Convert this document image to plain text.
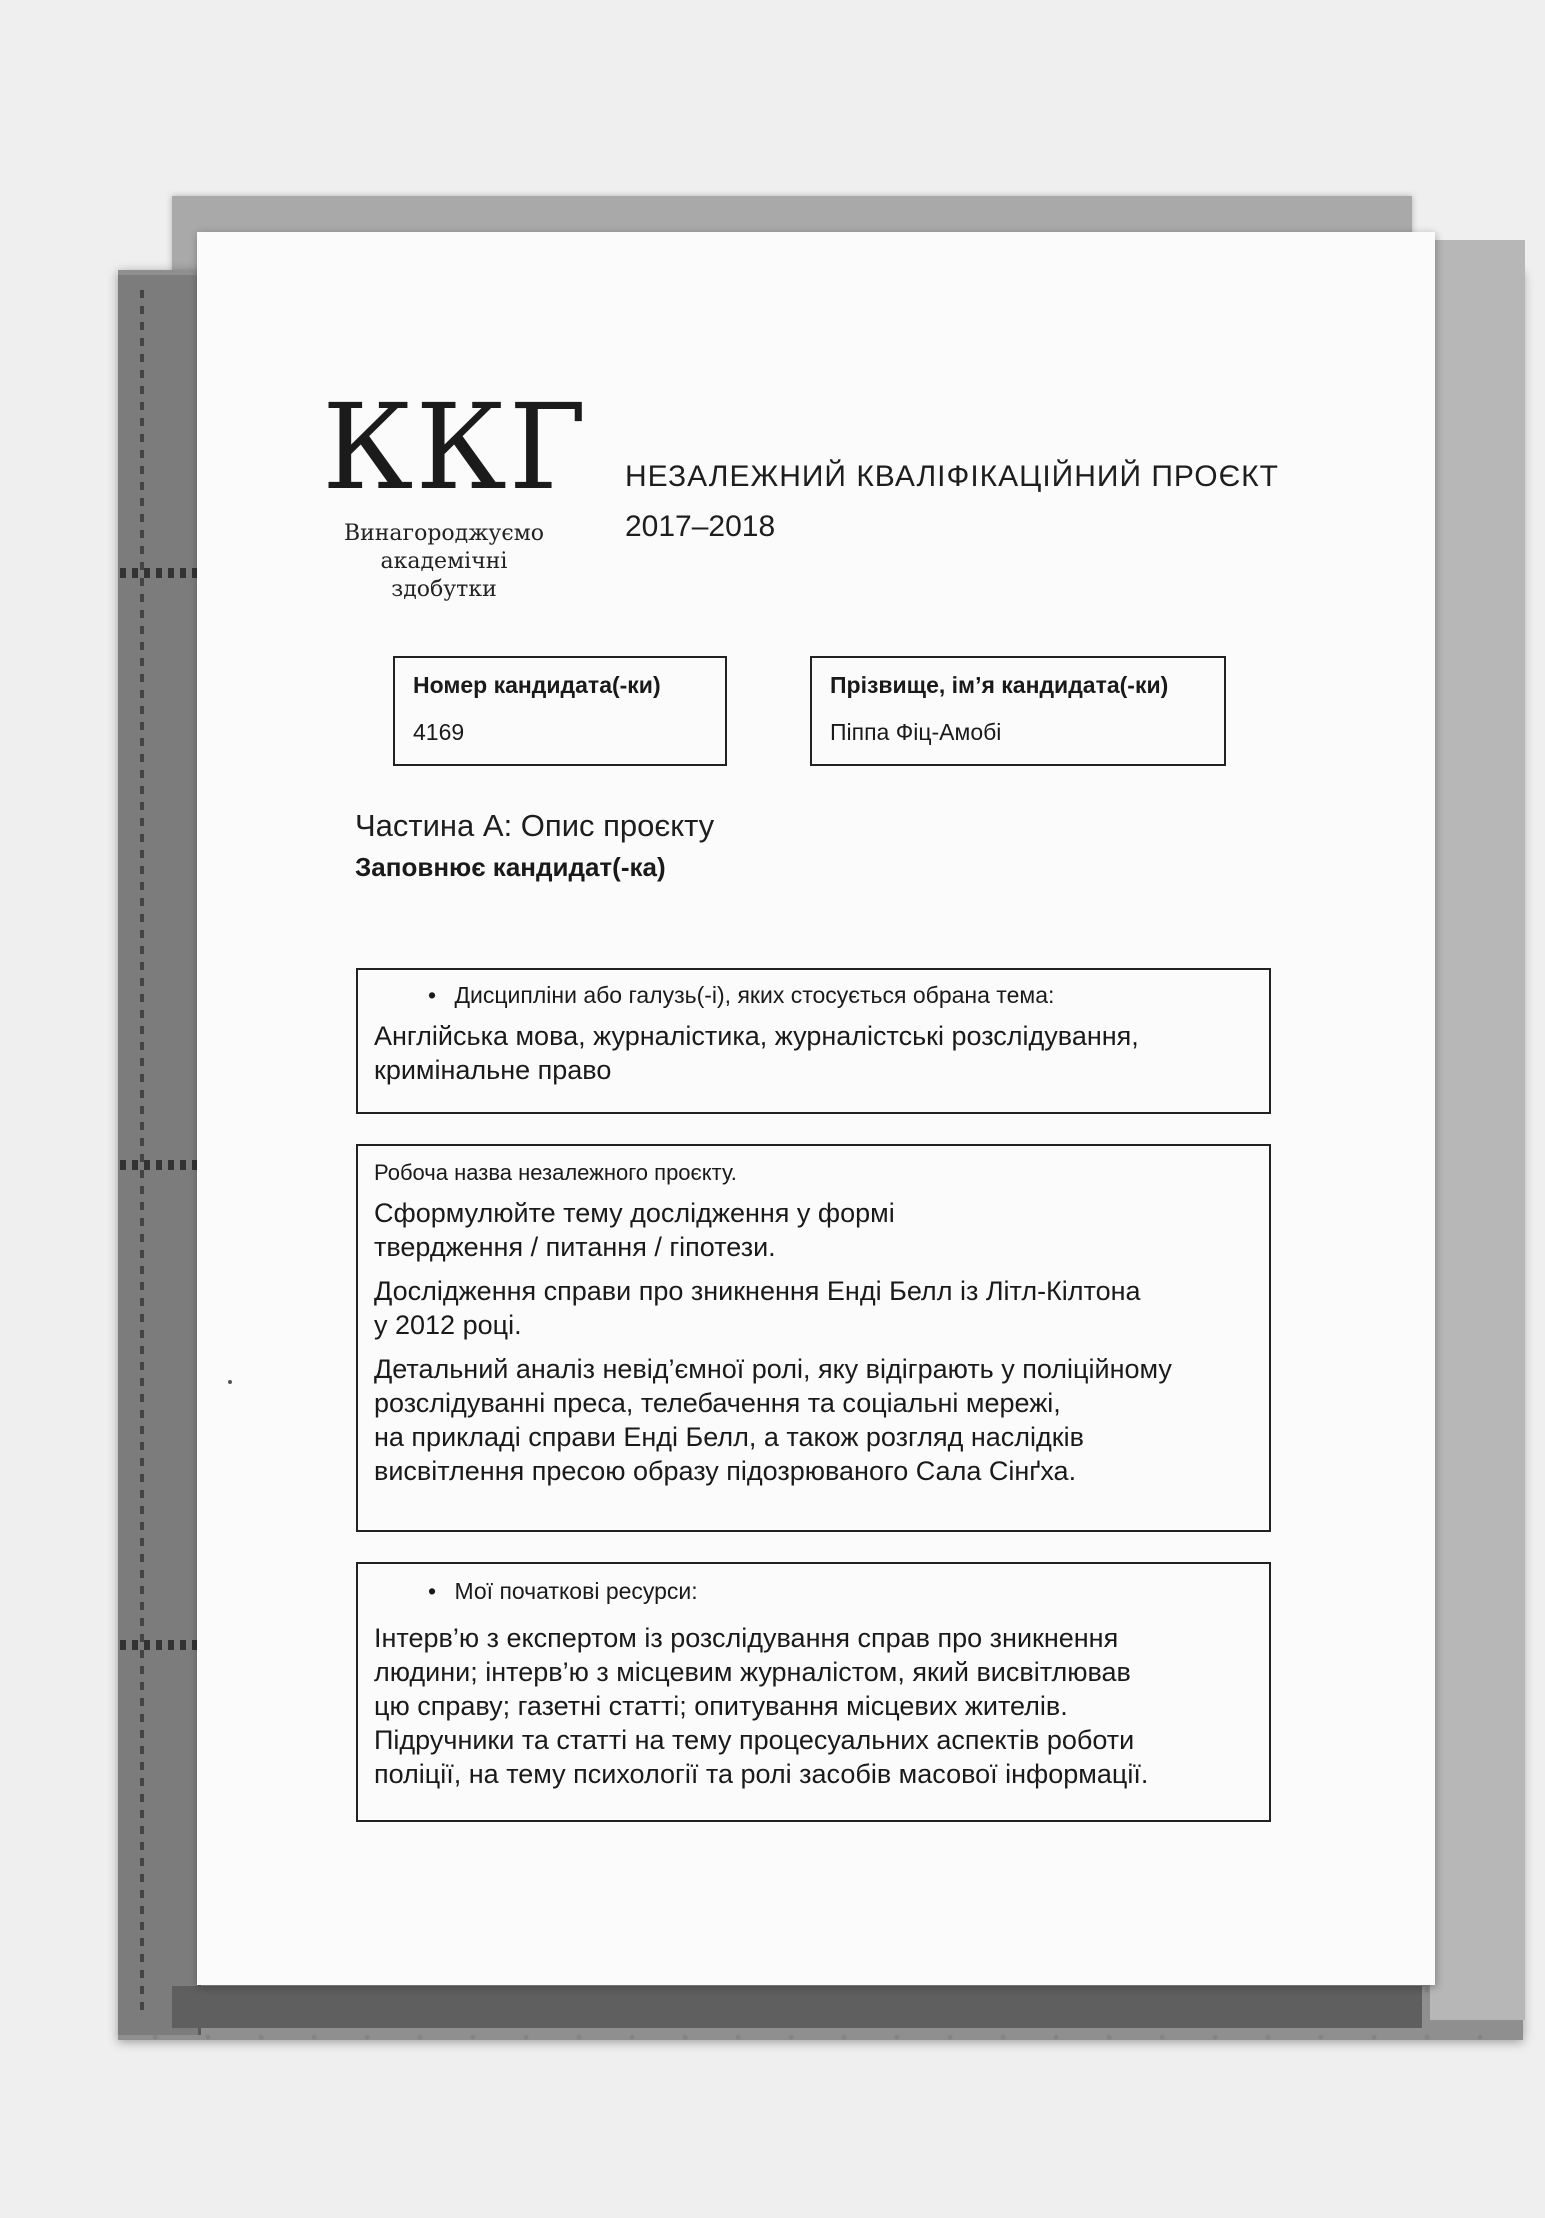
ККГ
Винагороджуємо
академічні
здобутки
НЕЗАЛЕЖНИЙ КВАЛІФІКАЦІЙНИЙ ПРОЄКТ
2017–2018
Номер кандидата(-ки)
4169
Прізвище, ім’я кандидата(-ки)
Піппа Фіц-Амобі
Частина А: Опис проєкту
Заповнює кандидат(-ка)
• Дисципліни або галузь(-і), яких стосується обрана тема:
Англійська мова, журналістика, журналістські розслідування,
кримінальне право
Робоча назва незалежного проєкту.
Сформулюйте тему дослідження у формі
твердження / питання / гіпотези.
Дослідження справи про зникнення Енді Белл із Літл-Кілтона
у 2012 році.
Детальний аналіз невід’ємної ролі, яку відіграють у поліційному
розслідуванні преса, телебачення та соціальні мережі,
на прикладі справи Енді Белл, а також розгляд наслідків
висвітлення пресою образу підозрюваного Сала Сінґха.
• Мої початкові ресурси:
Інтерв’ю з експертом із розслідування справ про зникнення
людини; інтерв’ю з місцевим журналістом, який висвітлював
цю справу; газетні статті; опитування місцевих жителів.
Підручники та статті на тему процесуальних аспектів роботи
поліції, на тему психології та ролі засобів масової інформації.
